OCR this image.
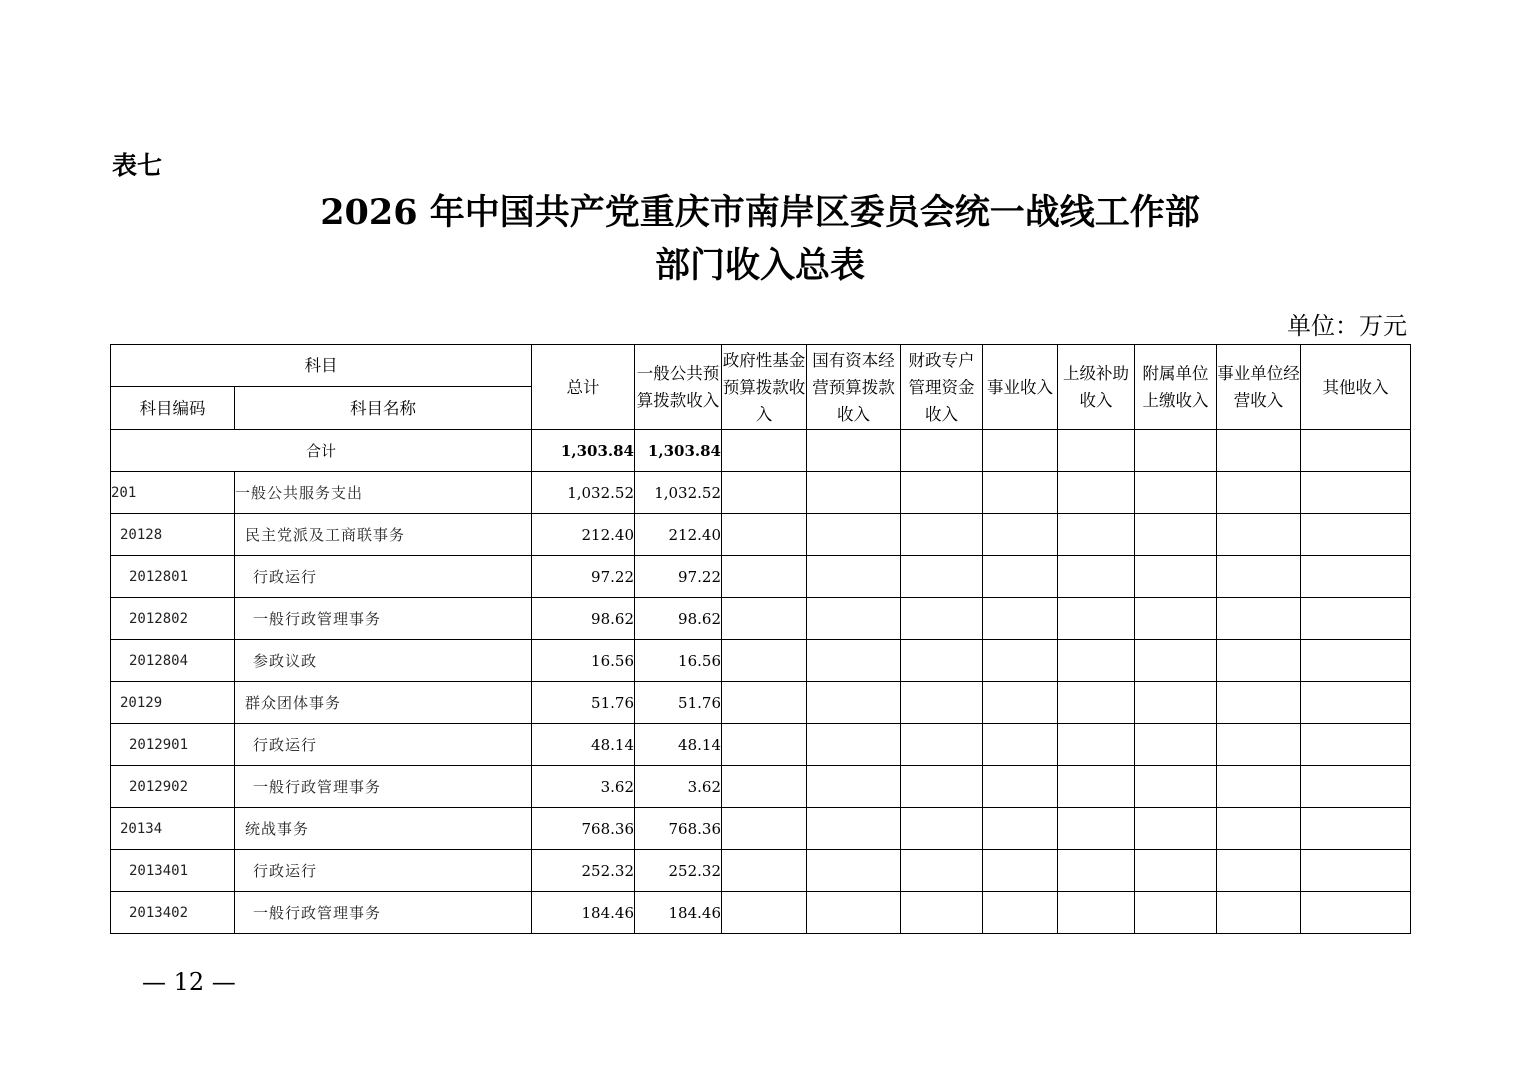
表七
2026 年中国共产党重庆市南岸区委员会统一战线工作部
部门收入总表
单位：万元
科目		总计	一般公共预算拨款收入	政府性基金预算拨款收入	国有资本经营预算拨款收入	财政专户管理资金收入	事业收入	上级补助收入	附属单位上缴收入	事业单位经营收入	其他收入
科目编码	科目名称										
合计		1,303.84	1,303.84								
201	一般公共服务支出	1,032.52	1,032.52								
20128	民主党派及工商联事务	212.40	212.40								
2012801	行政运行	97.22	97.22								
2012802	一般行政管理事务	98.62	98.62								
2012804	参政议政	16.56	16.56								
20129	群众团体事务	51.76	51.76								
2012901	行政运行	48.14	48.14								
2012902	一般行政管理事务	3.62	3.62								
20134	统战事务	768.36	768.36								
2013401	行政运行	252.32	252.32								
2013402	一般行政管理事务	184.46	184.46								
— 12 —
